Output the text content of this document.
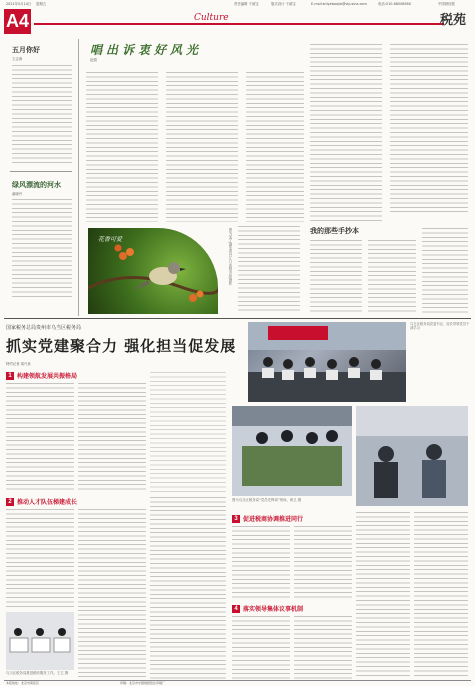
2021年5月14日 星期五	责任编辑 于淑宝	版式设计 于淑宝	E-mail:shiyebaojia@vip.sina.com	电话:010-68008580	中国财经报
A4	Culture	税苑
五月你好
王志涛
绿风漂流的河水
童晓丹
唱出诉衷好风光
赵娟
花香可爱	图为吴宁(湖北省丹江口市税务局)摄影	我的那些手抄本
国家税务总局贵州市乌当区税务局
抓实党建聚合力 强化担当促发展
特约记者 周兴泉
乌当区税务局党委书记、局长带领党员干部学习
1 构建领航发展共振格局
图为乌当区税务局“党员先锋岗”现场。黄卫 摄
2 推动人才队伍梯建成长
乌当区税务局推进税收服务工作。王卫 摄
3 促进税商协调推进同行
4 落实领导集体议事机制
本报地址：北京市海淀区	印刷：北京市中国财经报社印刷厂
